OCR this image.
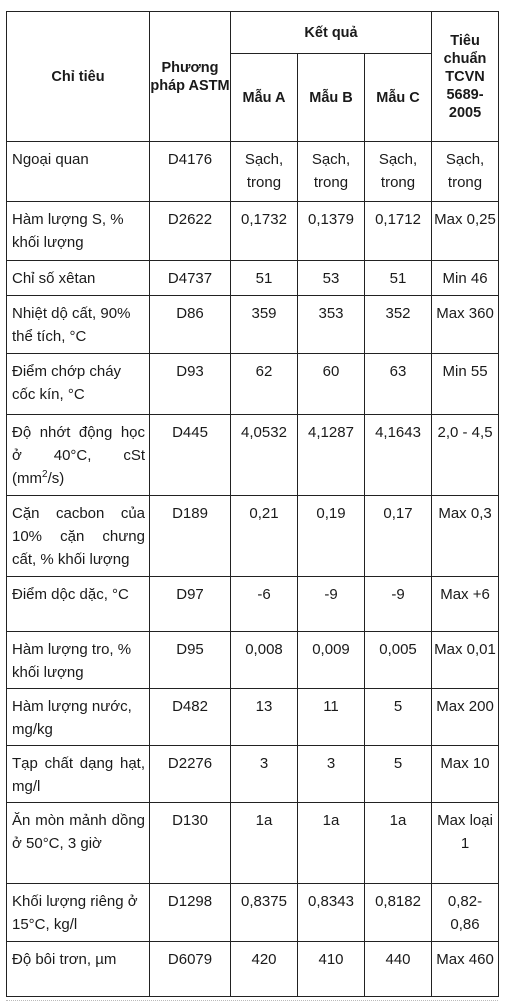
Chỉ tiêu	Phương pháp ASTM	Kết quả			Tiêu chuẩn TCVN 5689-2005
		Mẫu A	Mẫu B	Mẫu C	
Ngoại quan	D4176	Sạch, trong	Sạch, trong	Sạch, trong	Sạch, trong
Hàm lượng S, % khối lượng	D2622	0,1732	0,1379	0,1712	Max 0,25
Chỉ số xêtan	D4737	51	53	51	Min 46
Nhiệt dộ cất, 90% thể tích, °C	D86	359	353	352	Max 360
Điểm chớp cháy cốc kín, °C	D93	62	60	63	Min 55
Độ nhớt động học ở 40°C, cSt $(mm^2/s)$	D445	4,0532	4,1287	4,1643	2,0 - 4,5
Cặn cacbon của 10% cặn chưng cất, % khối lượng	D189	0,21	0,19	0,17	Max 0,3
Điểm dộc dặc, °C	D97	-6	-9	-9	Max +6
Hàm lượng tro, % khối lượng	D95	0,008	0,009	0,005	Max 0,01
Hàm lượng nước, mg/kg	D482	13	11	5	Max 200
Tạp chất dạng hạt, mg/l	D2276	3	3	5	Max 10
Ăn mòn mảnh dồng ở 50°C, 3 giờ	D130	1a	1a	1a	Max loại 1
Khối lượng riêng ở 15°C, kg/l	D1298	0,8375	0,8343	0,8182	0,82- 0,86
Độ bôi trơn, µm	D6079	420	410	440	Max 460
